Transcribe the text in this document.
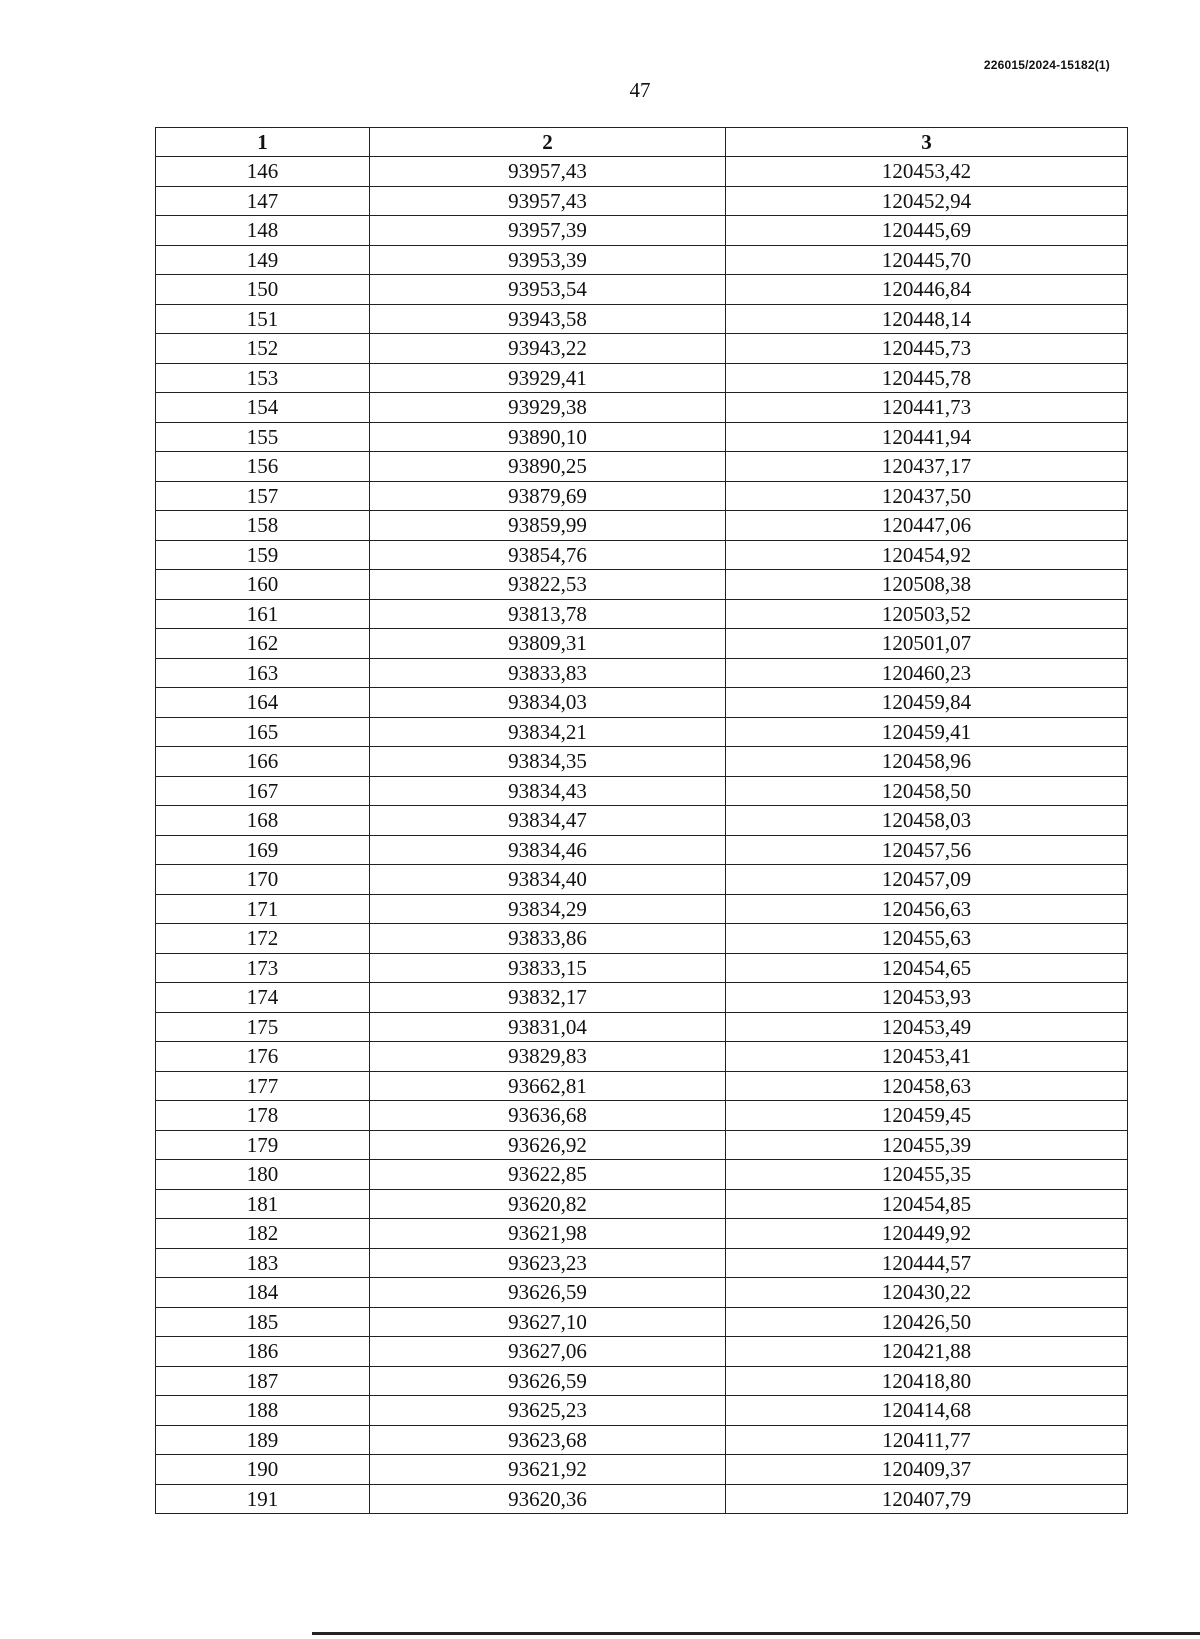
226015/2024-15182(1)
47
1	2	3
146	93957,43	120453,42
147	93957,43	120452,94
148	93957,39	120445,69
149	93953,39	120445,70
150	93953,54	120446,84
151	93943,58	120448,14
152	93943,22	120445,73
153	93929,41	120445,78
154	93929,38	120441,73
155	93890,10	120441,94
156	93890,25	120437,17
157	93879,69	120437,50
158	93859,99	120447,06
159	93854,76	120454,92
160	93822,53	120508,38
161	93813,78	120503,52
162	93809,31	120501,07
163	93833,83	120460,23
164	93834,03	120459,84
165	93834,21	120459,41
166	93834,35	120458,96
167	93834,43	120458,50
168	93834,47	120458,03
169	93834,46	120457,56
170	93834,40	120457,09
171	93834,29	120456,63
172	93833,86	120455,63
173	93833,15	120454,65
174	93832,17	120453,93
175	93831,04	120453,49
176	93829,83	120453,41
177	93662,81	120458,63
178	93636,68	120459,45
179	93626,92	120455,39
180	93622,85	120455,35
181	93620,82	120454,85
182	93621,98	120449,92
183	93623,23	120444,57
184	93626,59	120430,22
185	93627,10	120426,50
186	93627,06	120421,88
187	93626,59	120418,80
188	93625,23	120414,68
189	93623,68	120411,77
190	93621,92	120409,37
191	93620,36	120407,79
